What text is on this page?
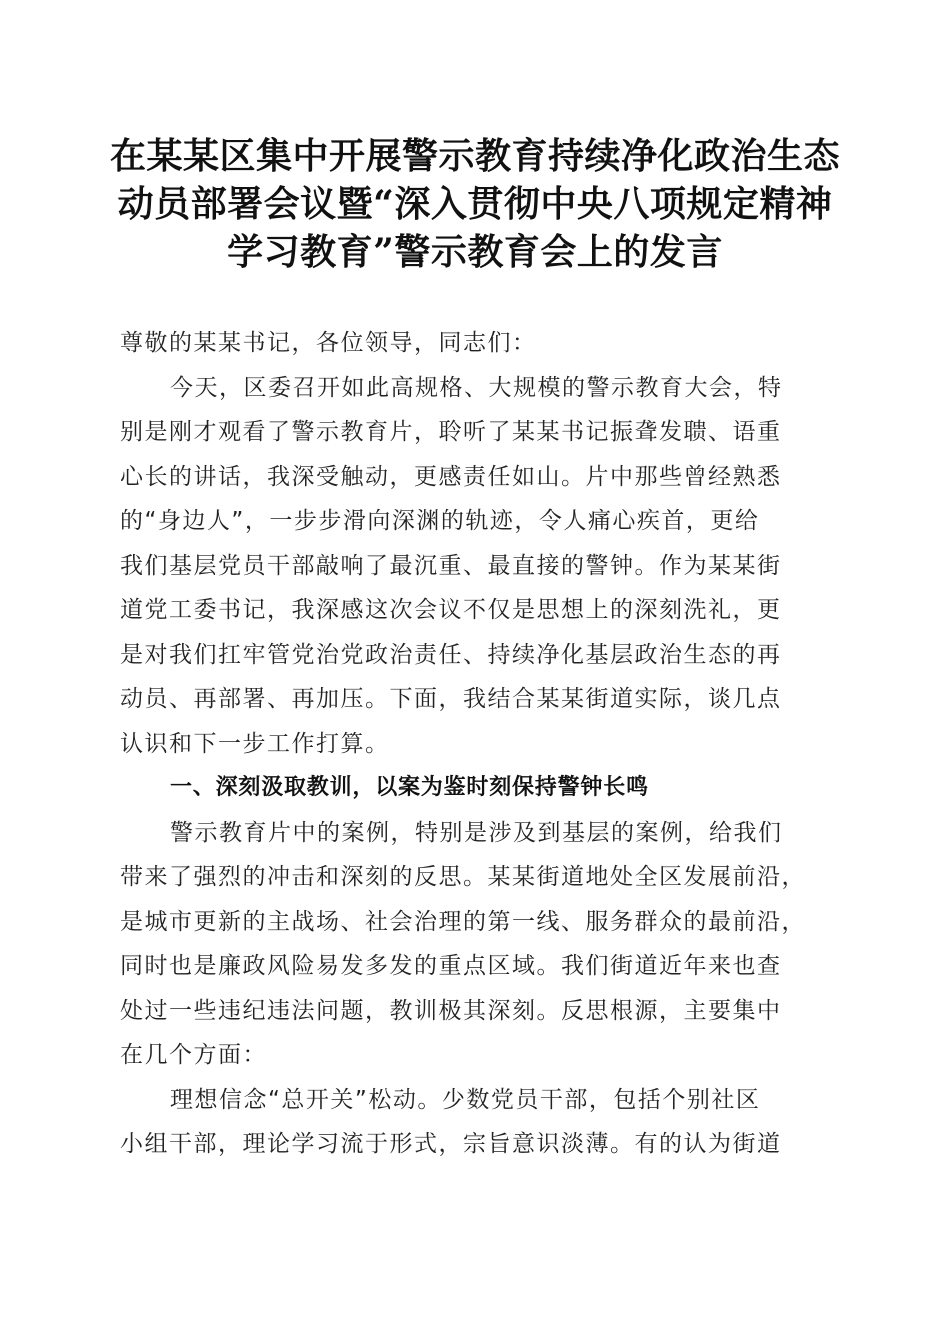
在某某区集中开展警示教育持续净化政治生态
动员部署会议暨“深入贯彻中央八项规定精神
学习教育”警示教育会上的发言

尊敬的某某书记，各位领导，同志们：

今天，区委召开如此高规格、大规模的警示教育大会，特
别是刚才观看了警示教育片，聆听了某某书记振聋发聩、语重
心长的讲话，我深受触动，更感责任如山。片中那些曾经熟悉
的“身边人”，一步步滑向深渊的轨迹，令人痛心疾首，更给
我们基层党员干部敲响了最沉重、最直接的警钟。作为某某街
道党工委书记，我深感这次会议不仅是思想上的深刻洗礼，更
是对我们扛牢管党治党政治责任、持续净化基层政治生态的再
动员、再部署、再加压。下面，我结合某某街道实际，谈几点
认识和下一步工作打算。

一、深刻汲取教训，以案为鉴时刻保持警钟长鸣

警示教育片中的案例，特别是涉及到基层的案例，给我们
带来了强烈的冲击和深刻的反思。某某街道地处全区发展前沿，
是城市更新的主战场、社会治理的第一线、服务群众的最前沿，
同时也是廉政风险易发多发的重点区域。我们街道近年来也查
处过一些违纪违法问题，教训极其深刻。反思根源，主要集中
在几个方面：

理想信念“总开关”松动。少数党员干部，包括个别社区
小组干部，理论学习流于形式，宗旨意识淡薄。有的认为街道
